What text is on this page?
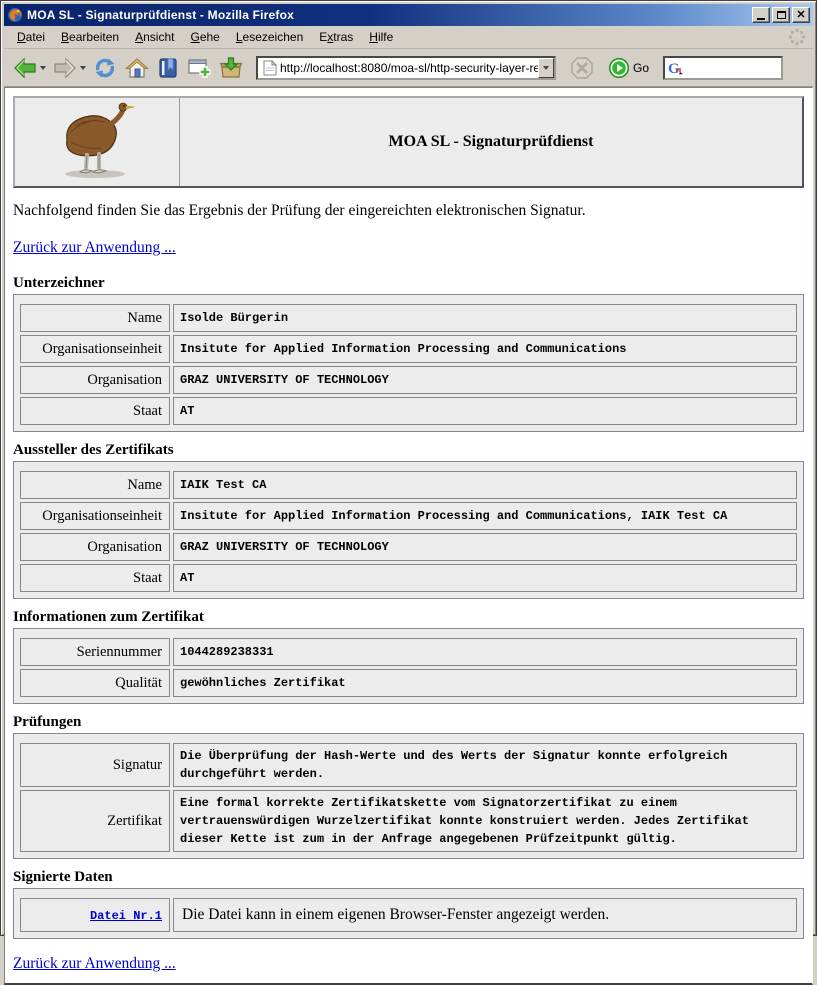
MOA SL - Signaturprüfdienst - Mozilla Firefox	✕
Datei	Bearbeiten	Ansicht	Gehe	Lesezeichen	Extras	Hilfe
http://localhost:8080/moa-sl/http-security-layer-requ
Go G
MOA SL - Signaturprüfdienst

Nachfolgend finden Sie das Ergebnis der Prüfung der eingereichten elektronischen Signatur.

Zurück zur Anwendung ...
Unterzeichner
Name	Isolde Bürgerin
Organisationseinheit	Insitute for Applied Information Processing and Communications
Organisation	GRAZ UNIVERSITY OF TECHNOLOGY
Staat	AT
Aussteller des Zertifikats
Name	IAIK Test CA
Organisationseinheit	Insitute for Applied Information Processing and Communications, IAIK Test CA
Organisation	GRAZ UNIVERSITY OF TECHNOLOGY
Staat	AT
Informationen zum Zertifikat
Seriennummer	1044289238331
Qualität	gewöhnliches Zertifikat
Prüfungen
Signatur	Die Überprüfung der Hash-Werte und des Werts der Signatur konnte erfolgreich durchgeführt werden.
Zertifikat	Eine formal korrekte Zertifikatskette vom Signatorzertifikat zu einem vertrauenswürdigen Wurzelzertifikat konnte konstruiert werden. Jedes Zertifikat dieser Kette ist zum in der Anfrage angegebenen Prüfzeitpunkt gültig.
Signierte Daten
Datei Nr.1	Die Datei kann in einem eigenen Browser-Fenster angezeigt werden.
Zurück zur Anwendung ...
